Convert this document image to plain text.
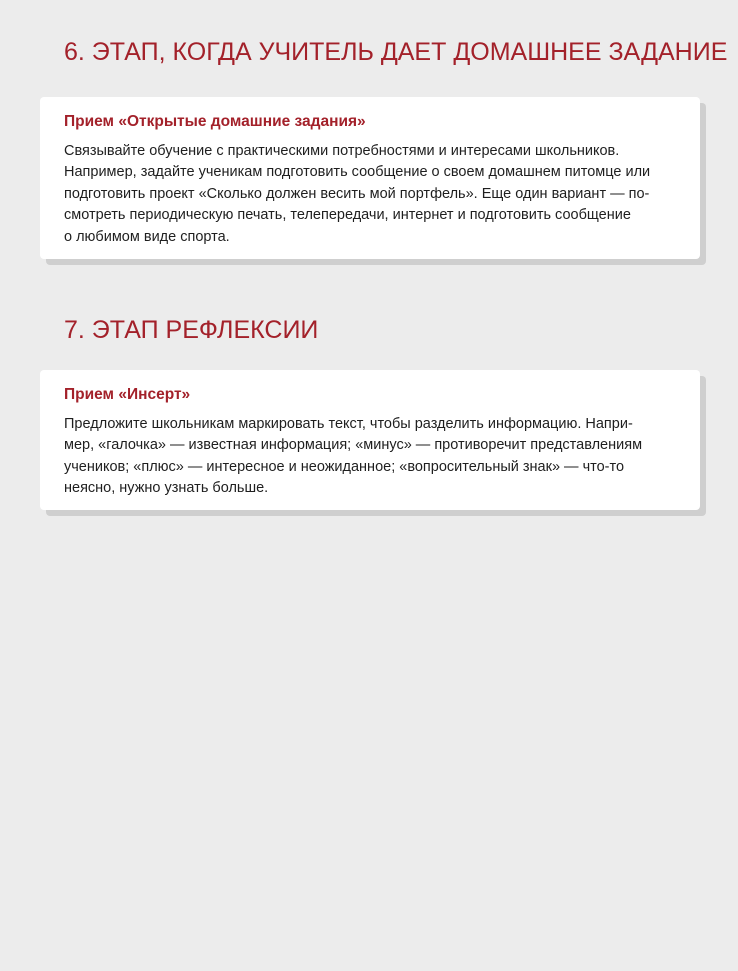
6. ЭТАП, КОГДА УЧИТЕЛЬ ДАЕТ ДОМАШНЕЕ ЗАДАНИЕ
Прием «Открытые домашние задания»
Связывайте обучение с практическими потребностями и интересами школьников.
Например, задайте ученикам подготовить сообщение о своем домашнем питомце или
подготовить проект «Сколько должен весить мой портфель». Еще один вариант — по-
смотреть периодическую печать, телепередачи, интернет и подготовить сообщение
о любимом виде спорта.
7. ЭТАП РЕФЛЕКСИИ
Прием «Инсерт»
Предложите школьникам маркировать текст, чтобы разделить информацию. Напри-
мер, «галочка» — известная информация; «минус» — противоречит представлениям
учеников; «плюс» — интересное и неожиданное; «вопросительный знак» — что-то
неясно, нужно узнать больше.
